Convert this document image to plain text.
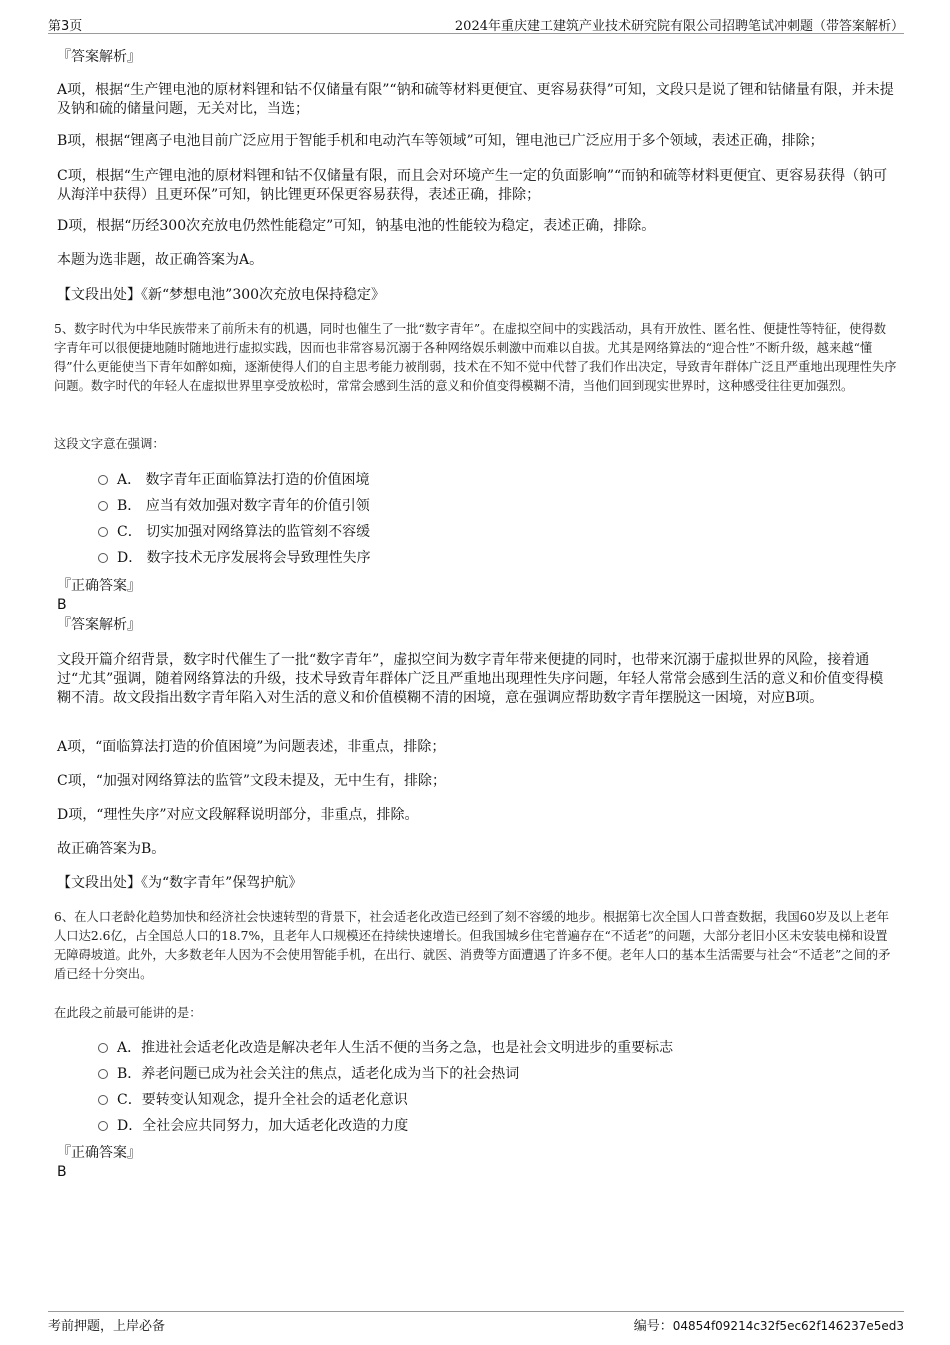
第3页	2024年重庆建工建筑产业技术研究院有限公司招聘笔试冲刺题（带答案解析）
『答案解析』
A项，根据“生产锂电池的原材料锂和钴不仅储量有限”“钠和硫等材料更便宜、更容易获得”可知，文段只是说了锂和钴储量有限，并未提及钠和硫的储量问题，无关对比，当选；
B项，根据“锂离子电池目前广泛应用于智能手机和电动汽车等领域”可知，锂电池已广泛应用于多个领域，表述正确，排除；
C项，根据“生产锂电池的原材料锂和钴不仅储量有限，而且会对环境产生一定的负面影响”“而钠和硫等材料更便宜、更容易获得（钠可从海洋中获得）且更环保”可知，钠比锂更环保更容易获得，表述正确，排除；
D项，根据“历经300次充放电仍然性能稳定”可知，钠基电池的性能较为稳定，表述正确，排除。
本题为选非题，故正确答案为A。
【文段出处】《新“梦想电池”300次充放电保持稳定》
5、数字时代为中华民族带来了前所未有的机遇，同时也催生了一批“数字青年”。在虚拟空间中的实践活动，具有开放性、匿名性、便捷性等特征，使得数字青年可以很便捷地随时随地进行虚拟实践，因而也非常容易沉溺于各种网络娱乐刺激中而难以自拔。尤其是网络算法的“迎合性”不断升级，越来越“懂得”什么更能使当下青年如醉如痴，逐渐使得人们的自主思考能力被削弱，技术在不知不觉中代替了我们作出决定，导致青年群体广泛且严重地出现理性失序问题。数字时代的年轻人在虚拟世界里享受放松时，常常会感到生活的意义和价值变得模糊不清，当他们回到现实世界时，这种感受往往更加强烈。
这段文字意在强调：
A． 数字青年正面临算法打造的价值困境
B． 应当有效加强对数字青年的价值引领
C． 切实加强对网络算法的监管刻不容缓
D． 数字技术无序发展将会导致理性失序
『正确答案』
B
『答案解析』
文段开篇介绍背景，数字时代催生了一批“数字青年”，虚拟空间为数字青年带来便捷的同时，也带来沉溺于虚拟世界的风险，接着通过“尤其”强调，随着网络算法的升级，技术导致青年群体广泛且严重地出现理性失序问题，年轻人常常会感到生活的意义和价值变得模糊不清。故文段指出数字青年陷入对生活的意义和价值模糊不清的困境，意在强调应帮助数字青年摆脱这一困境，对应B项。
A项，“面临算法打造的价值困境”为问题表述，非重点，排除；
C项，“加强对网络算法的监管”文段未提及，无中生有，排除；
D项，“理性失序”对应文段解释说明部分，非重点，排除。
故正确答案为B。
【文段出处】《为“数字青年”保驾护航》
6、在人口老龄化趋势加快和经济社会快速转型的背景下，社会适老化改造已经到了刻不容缓的地步。根据第七次全国人口普查数据，我国60岁及以上老年人口达2.6亿，占全国总人口的18.7%，且老年人口规模还在持续快速增长。但我国城乡住宅普遍存在“不适老”的问题，大部分老旧小区未安装电梯和设置无障碍坡道。此外，大多数老年人因为不会使用智能手机，在出行、就医、消费等方面遭遇了许多不便。老年人口的基本生活需要与社会“不适老”之间的矛盾已经十分突出。
在此段之前最可能讲的是：
A．推进社会适老化改造是解决老年人生活不便的当务之急，也是社会文明进步的重要标志
B．养老问题已成为社会关注的焦点，适老化成为当下的社会热词
C．要转变认知观念，提升全社会的适老化意识
D．全社会应共同努力，加大适老化改造的力度
『正确答案』
B
考前押题，上岸必备	编号：04854f09214c32f5ec62f146237e5ed3
